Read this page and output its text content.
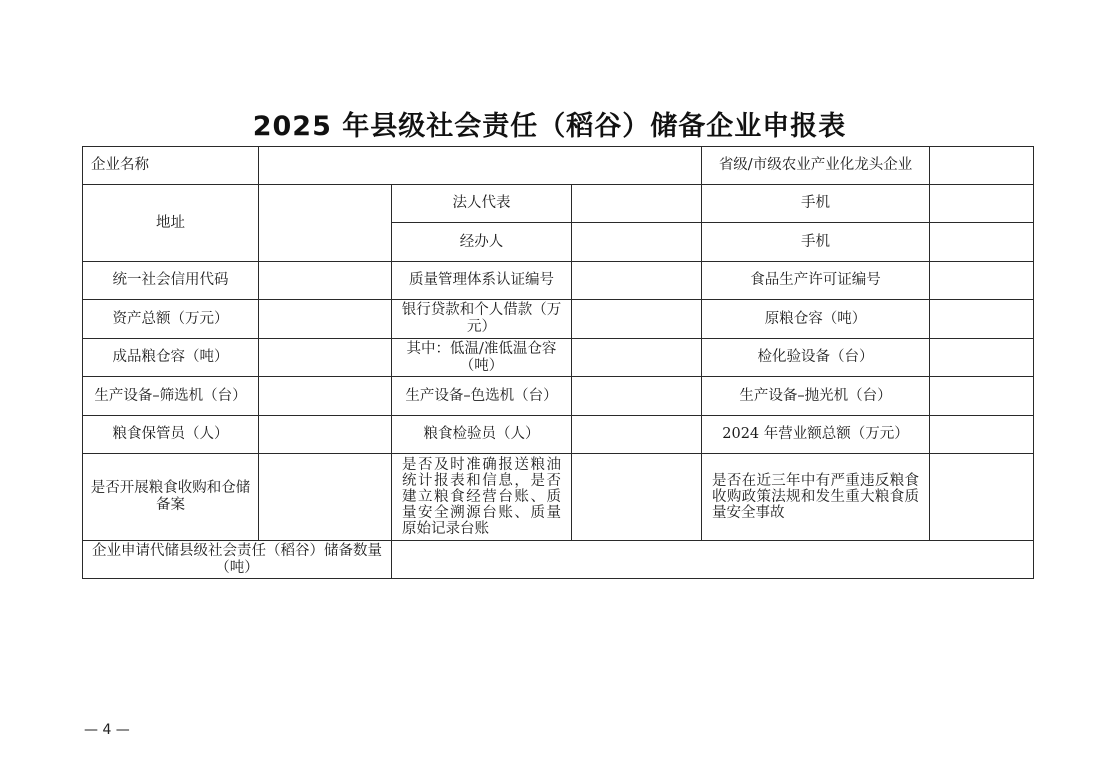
2025 年县级社会责任（稻谷）储备企业申报表
企业名称				省级/市级农业产业化龙头企业	
地址		法人代表		手机	
		经办人		手机	
统一社会信用代码		质量管理体系认证编号		食品生产许可证编号	
资产总额（万元）		银行贷款和个人借款（万元）		原粮仓容（吨）	
成品粮仓容（吨）		其中：低温/准低温仓容（吨）		检化验设备（台）	
生产设备–筛选机（台）		生产设备–色选机（台）		生产设备–抛光机（台）	
粮食保管员（人）		粮食检验员（人）		2024 年营业额总额（万元）	
是否开展粮食收购和仓储备案		是否及时准确报送粮油统计报表和信息，是否建立粮食经营台账、质量安全溯源台账、质量原始记录台账		是否在近三年中有严重违反粮食收购政策法规和发生重大粮食质量安全事故	
企业申请代储县级社会责任（稻谷）储备数量（吨）					
— 4 —
